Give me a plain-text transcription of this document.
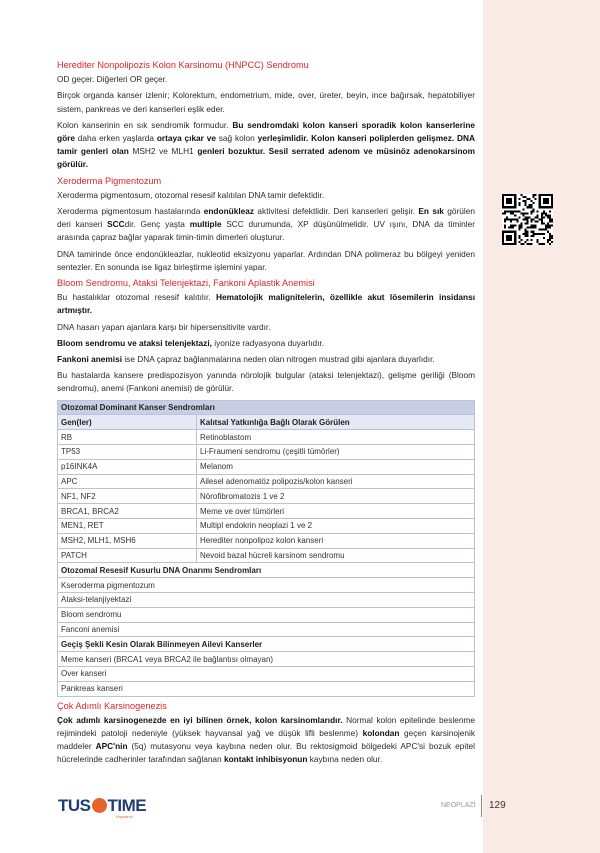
Herediter Nonpolipozis Kolon Karsinomu (HNPCC) Sendromu
OD geçer. Diğerleri OR geçer.
Birçok organda kanser izlenir; Kolorektum, endometrium, mide, over, üreter, beyin, ince bağırsak, hepatobiliyer sistem, pankreas ve deri kanserleri eşlik eder.
Kolon kanserinin en sık sendromik formudur. Bu sendromdaki kolon kanseri sporadik kolon kanserlerine göre daha erken yaşlarda ortaya çıkar ve sağ kolon yerleşimlidir. Kolon kanseri poliplerden gelişmez. DNA tamir genleri olan MSH2 ve MLH1 genleri bozuktur. Sesil serrated adenom ve müsinöz adenokarsinom görülür.
Xeroderma Pigmentozum
Xeroderma pigmentosum, otozomal resesif kalıtılan DNA tamir defektidir.
Xeroderma pigmentosum hastalarında endonükleaz aktivitesi defektlidir. Deri kanserleri gelişir. En sık görülen deri kanseri SCCdir. Genç yaşta multiple SCC durumunda, XP düşünülmelidir. UV ışını, DNA da timinler arasında çapraz bağlar yaparak timin-timin dimerleri oluşturur.
DNA tamirinde önce endonükleazlar, nukleotid eksizyonu yaparlar. Ardından DNA polimeraz bu bölgeyi yeniden sentezler. En sonunda ise ligaz birleştirme işlemini yapar.
Bloom Sendromu, Ataksi Telenjektazi, Fankoni Aplastik Anemisi
Bu hastalıklar otozomal resesif kalıtılır. Hematolojik malignitelerin, özellikle akut lösemilerin insidansı artmıştır.
DNA hasarı yapan ajanlara karşı bir hipersensitivite vardır.
Bloom sendromu ve ataksi telenjektazi, iyonize radyasyona duyarlıdır.
Fankoni anemisi ise DNA çapraz bağlanmalarına neden olan nitrogen mustrad gibi ajanlara duyarlıdır.
Bu hastalarda kansere predispozisyon yanında nörolojik bulgular (ataksi telenjektazi), gelişme geriliği (Bloom sendromu), anemi (Fankoni anemisi) de görülür.
Otozomal Dominant Kanser Sendromları	
Gen(ler)	Kalıtsal Yatkınlığa Bağlı Olarak Görülen
RB	Retinoblastom
TP53	Li-Fraumeni sendromu (çeşitli tümörler)
p16INK4A	Melanom
APC	Ailesel adenomatöz polipozis/kolon kanseri
NF1, NF2	Nörofibromatozis 1 ve 2
BRCA1, BRCA2	Meme ve over tümörleri
MEN1, RET	Multipl endokrin neoplazi 1 ve 2
MSH2, MLH1, MSH6	Herediter nonpolipoz kolon kanseri
PATCH	Nevoid bazal hücreli karsinom sendromu
Otozomal Resesif Kusurlu DNA Onarımı Sendromları	
Kseroderma pigmentozum	
Ataksi-telanjiyektazi	
Bloom sendromu	
Fanconi anemisi	
Geçiş Şekli Kesin Olarak Bilinmeyen Ailevi Kanserler	
Meme kanseri (BRCA1 veya BRCA2 ile bağlantısı olmayan)	
Over kanseri	
Pankreas kanseri	
Çok Adımlı Karsinogenezis
Çok adımlı karsinogenezde en iyi bilinen örnek, kolon karsinomlarıdır. Normal kolon epitelinde beslenme rejimindeki patoloji nedeniyle (yüksek hayvansal yağ ve düşük lifli beslenme) kolondan geçen karsinojenik maddeler APC'nin (5q) mutasyonu veya kaybına neden olur. Bu rektosigmoid bölgedeki APC'si bozuk epitel hücrelerinde cadherinler tarafından sağlanan kontakt inhibisyonun kaybına neden olur.
TUS TIME
Kapsamlı
NEOPLAZİ 129
